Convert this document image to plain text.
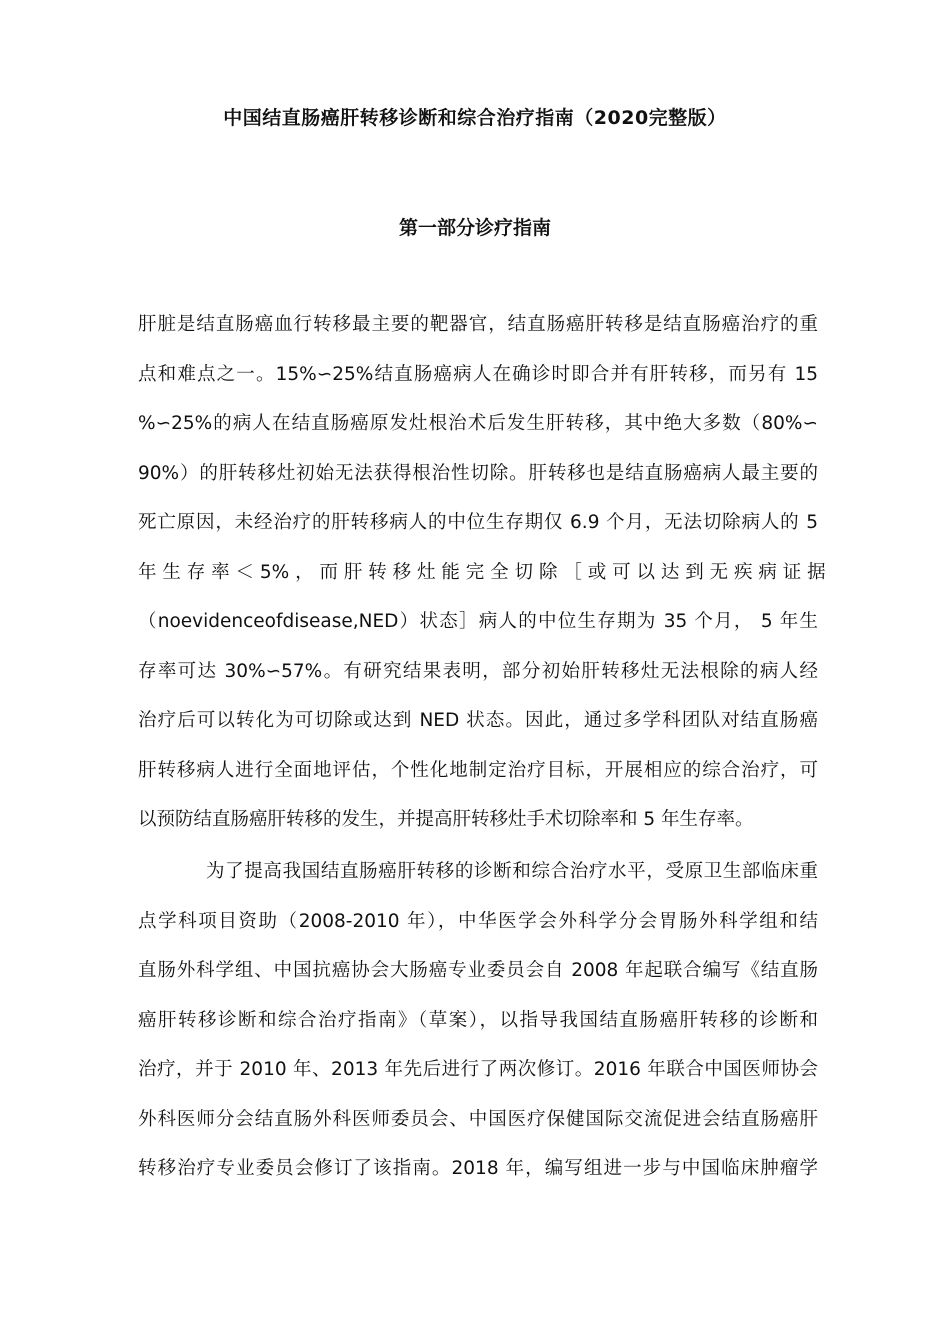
中国结直肠癌肝转移诊断和综合治疗指南（2020完整版）
第一部分诊疗指南
肝脏是结直肠癌血行转移最主要的靶器官，结直肠癌肝转移是结直肠癌治疗的重
点和难点之一。15%∽25%结直肠癌病人在确诊时即合并有肝转移，而另有 15
%∽25%的病人在结直肠癌原发灶根治术后发生肝转移，其中绝大多数（80%∽
90%）的肝转移灶初始无法获得根治性切除。肝转移也是结直肠癌病人最主要的
死亡原因，未经治疗的肝转移病人的中位生存期仅 6.9 个月，无法切除病人的 5
年 生 存 率 ＜ 5% ， 而 肝 转 移 灶 能 完 全 切 除 ［ 或 可 以 达 到 无 疾 病 证 据
（noevidenceofdisease,NED）状态］病人的中位生存期为 35 个月， 5 年生
存率可达 30%∽57%。有研究结果表明，部分初始肝转移灶无法根除的病人经
治疗后可以转化为可切除或达到 NED 状态。因此，通过多学科团队对结直肠癌
肝转移病人进行全面地评估，个性化地制定治疗目标，开展相应的综合治疗，可
以预防结直肠癌肝转移的发生，并提高肝转移灶手术切除率和 5 年生存率。
为了提高我国结直肠癌肝转移的诊断和综合治疗水平，受原卫生部临床重
点学科项目资助（2008-2010 年），中华医学会外科学分会胃肠外科学组和结
直肠外科学组、中国抗癌协会大肠癌专业委员会自 2008 年起联合编写《结直肠
癌肝转移诊断和综合治疗指南》（草案），以指导我国结直肠癌肝转移的诊断和
治疗，并于 2010 年、2013 年先后进行了两次修订。2016 年联合中国医师协会
外科医师分会结直肠外科医师委员会、中国医疗保健国际交流促进会结直肠癌肝
转移治疗专业委员会修订了该指南。2018 年，编写组进一步与中国临床肿瘤学
